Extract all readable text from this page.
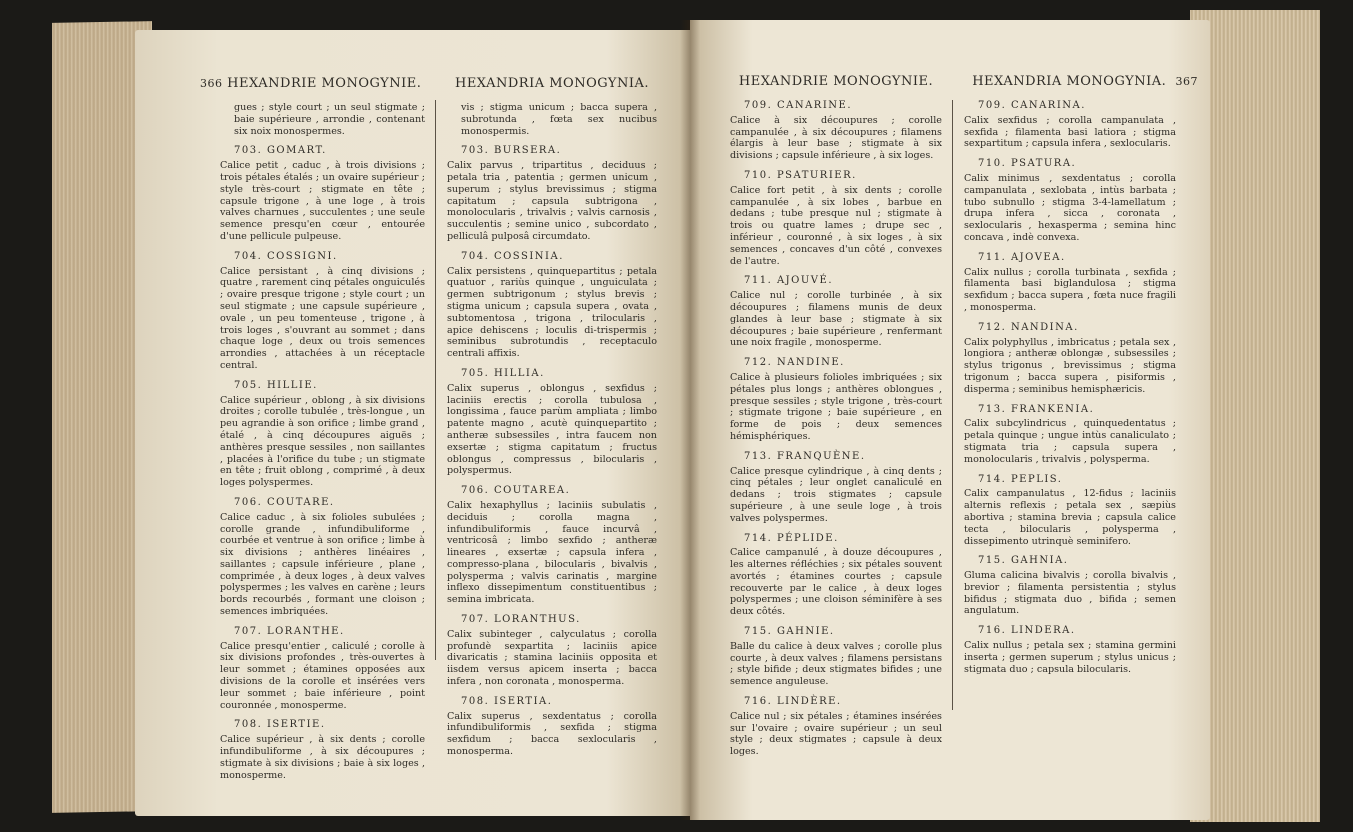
366 HEXANDRIE MONOGYNIE.
gues ; style court ; un seul stigmate ; baie supérieure , arrondie , contenant six noix monospermes.
703. GOMART.
Calice petit , caduc , à trois divisions ; trois pétales étalés ; un ovaire supérieur ; style très-court ; stigmate en tête ; capsule trigone , à une loge , à trois valves charnues , succulentes ; une seule semence presqu'en cœur , entourée d'une pellicule pulpeuse.
704. COSSIGNI.
Calice persistant , à cinq divisions ; quatre , rarement cinq pétales onguiculés ; ovaire presque trigone ; style court ; un seul stigmate ; une capsule supérieure , ovale , un peu tomenteuse , trigone , à trois loges , s'ouvrant au sommet ; dans chaque loge , deux ou trois semences arrondies , attachées à un réceptacle central.
705. HILLIE.
Calice supérieur , oblong , à six divisions droites ; corolle tubulée , très-longue , un peu agrandie à son orifice ; limbe grand , étalé , à cinq découpures aiguës ; anthères presque sessiles , non saillantes , placées à l'orifice du tube ; un stigmate en tête ; fruit oblong , comprimé , à deux loges polyspermes.
706. COUTARE.
Calice caduc , à six folioles subulées ; corolle grande , infundibuliforme , courbée et ventrue à son orifice ; limbe à six divisions ; anthères linéaires , saillantes ; capsule inférieure , plane , comprimée , à deux loges , à deux valves polyspermes ; les valves en carène ; leurs bords recourbés , formant une cloison ; semences imbriquées.
707. LORANTHE.
Calice presqu'entier , caliculé ; corolle à six divisions profondes , très-ouvertes à leur sommet ; étamines opposées aux divisions de la corolle et insérées vers leur sommet ; baie inférieure , point couronnée , monosperme.
708. ISERTIE.
Calice supérieur , à six dents ; corolle infundibuliforme , à six découpures ; stigmate à six divisions ; baie à six loges , monosperme.
HEXANDRIA MONOGYNIA.
vis ; stigma unicum ; bacca supera , subrotunda , fœta sex nucibus monospermis.
703. BURSERA.
Calix parvus , tripartitus , deciduus ; petala tria , patentia ; germen unicum , superum ; stylus brevissimus ; stigma capitatum ; capsula subtrigona , monolocularis , trivalvis ; valvis carnosis , succulentis ; semine unico , subcordato , pelliculâ pulposâ circumdato.
704. COSSINIA.
Calix persistens , quinquepartitus ; petala quatuor , rariùs quinque , unguiculata ; germen subtrigonum ; stylus brevis ; stigma unicum ; capsula supera , ovata , subtomentosa , trigona , trilocularis , apice dehiscens ; loculis di-trispermis ; seminibus subrotundis , receptaculo centrali affixis.
705. HILLIA.
Calix superus , oblongus , sexfidus ; laciniis erectis ; corolla tubulosa , longissima , fauce parùm ampliata ; limbo patente magno , acutè quinquepartito ; antheræ subsessiles , intra faucem non exsertæ ; stigma capitatum ; fructus oblongus , compressus , bilocularis , polyspermus.
706. COUTAREA.
Calix hexaphyllus ; laciniis subulatis , deciduis ; corolla magna , infundibuliformis , fauce incurvâ , ventricosâ ; limbo sexfido ; antheræ lineares , exsertæ ; capsula infera , compresso-plana , bilocularis , bivalvis , polysperma ; valvis carinatis , margine inflexo dissepimentum constituentibus ; semina imbricata.
707. LORANTHUS.
Calix subinteger , calyculatus ; corolla profundè sexpartita ; laciniis apice divaricatis ; stamina laciniis opposita et iisdem versus apicem inserta ; bacca infera , non coronata , monosperma.
708. ISERTIA.
Calix superus , sexdentatus ; corolla infundibuliformis , sexfida ; stigma sexfidum ; bacca sexlocularis , monosperma.
HEXANDRIE MONOGYNIE.
709. CANARINE.
Calice à six découpures ; corolle campanulée , à six découpures ; filamens élargis à leur base ; stigmate à six divisions ; capsule inférieure , à six loges.
710. PSATURIER.
Calice fort petit , à six dents ; corolle campanulée , à six lobes , barbue en dedans ; tube presque nul ; stigmate à trois ou quatre lames ; drupe sec , inférieur , couronné , à six loges , à six semences , concaves d'un côté , convexes de l'autre.
711. AJOUVÉ.
Calice nul ; corolle turbinée , à six découpures ; filamens munis de deux glandes à leur base ; stigmate à six découpures ; baie supérieure , renfermant une noix fragile , monosperme.
712. NANDINE.
Calice à plusieurs folioles imbriquées ; six pétales plus longs ; anthères oblongues , presque sessiles ; style trigone , très-court ; stigmate trigone ; baie supérieure , en forme de pois ; deux semences hémisphériques.
713. FRANQUÈNE.
Calice presque cylindrique , à cinq dents ; cinq pétales ; leur onglet canaliculé en dedans ; trois stigmates ; capsule supérieure , à une seule loge , à trois valves polyspermes.
714. PÉPLIDE.
Calice campanulé , à douze découpures , les alternes réfléchies ; six pétales souvent avortés ; étamines courtes ; capsule recouverte par le calice , à deux loges polyspermes ; une cloison séminifère à ses deux côtés.
715. GAHNIE.
Balle du calice à deux valves ; corolle plus courte , à deux valves ; filamens persistans ; style bifide ; deux stigmates bifides ; une semence anguleuse.
716. LINDÈRE.
Calice nul ; six pétales ; étamines insérées sur l'ovaire ; ovaire supérieur ; un seul style ; deux stigmates ; capsule à deux loges.
HEXANDRIA MONOGYNIA. 367
709. CANARINA.
Calix sexfidus ; corolla campanulata , sexfida ; filamenta basi latiora ; stigma sexpartitum ; capsula infera , sexlocularis.
710. PSATURA.
Calix minimus , sexdentatus ; corolla campanulata , sexlobata , intùs barbata ; tubo subnullo ; stigma 3-4-lamellatum ; drupa infera , sicca , coronata , sexlocularis , hexasperma ; semina hinc concava , indè convexa.
711. AJOVEA.
Calix nullus ; corolla turbinata , sexfida ; filamenta basi biglandulosa ; stigma sexfidum ; bacca supera , fœta nuce fragili , monosperma.
712. NANDINA.
Calix polyphyllus , imbricatus ; petala sex , longiora ; antheræ oblongæ , subsessiles ; stylus trigonus , brevissimus ; stigma trigonum ; bacca supera , pisiformis , disperma ; seminibus hemisphæricis.
713. FRANKENIA.
Calix subcylindricus , quinquedentatus ; petala quinque ; ungue intùs canaliculato ; stigmata tria ; capsula supera , monolocularis , trivalvis , polysperma.
714. PEPLIS.
Calix campanulatus , 12-fidus ; laciniis alternis reflexis ; petala sex , sæpiùs abortiva ; stamina brevia ; capsula calice tecta , bilocularis , polysperma , dissepimento utrinquè seminifero.
715. GAHNIA.
Gluma calicina bivalvis ; corolla bivalvis , brevior ; filamenta persistentia ; stylus bifidus ; stigmata duo , bifida ; semen angulatum.
716. LINDERA.
Calix nullus ; petala sex ; stamina germini inserta ; germen superum ; stylus unicus ; stigmata duo ; capsula bilocularis.
